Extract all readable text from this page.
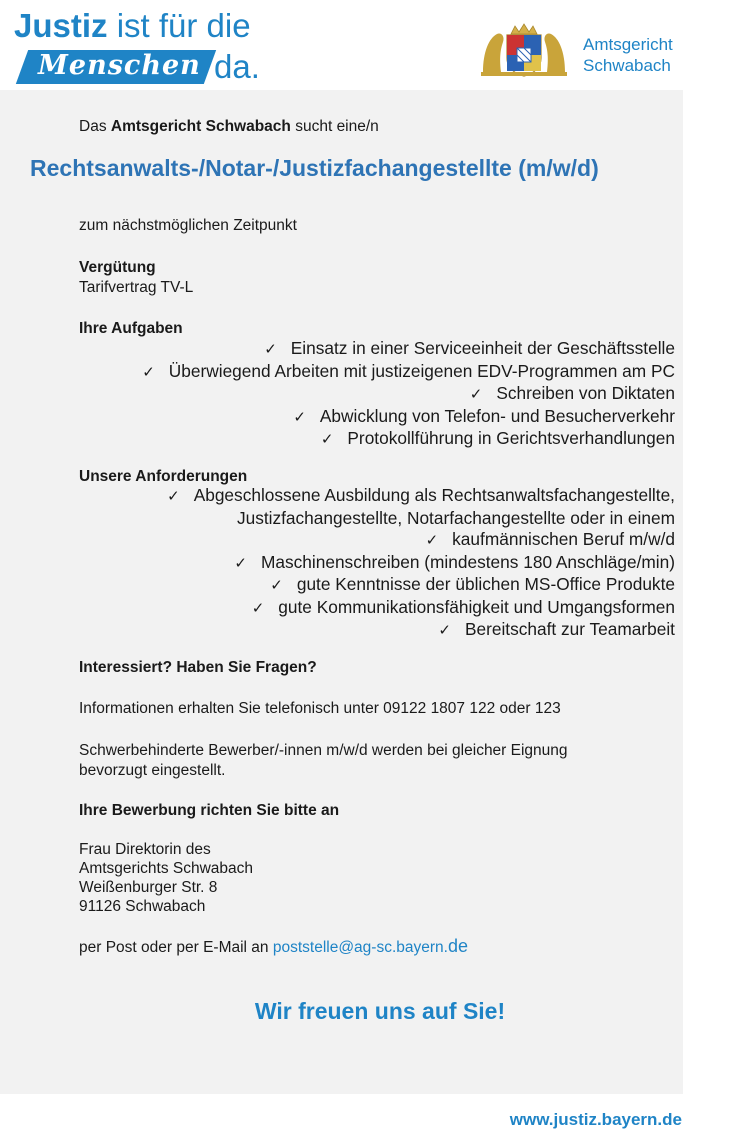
Justiz ist für die
Menschen da.
Amtsgericht
Schwabach
Das Amtsgericht Schwabach sucht eine/n
Rechtsanwalts-/Notar-/Justizfachangestellte (m/w/d)
zum nächstmöglichen Zeitpunkt
Vergütung
Tarifvertrag TV-L
Ihre Aufgaben
✓ Einsatz in einer Serviceeinheit der Geschäftsstelle
✓ Überwiegend Arbeiten mit justizeigenen EDV-Programmen am PC
✓ Schreiben von Diktaten
✓ Abwicklung von Telefon- und Besucherverkehr
✓ Protokollführung in Gerichtsverhandlungen
Unsere Anforderungen
✓ Abgeschlossene Ausbildung als Rechtsanwaltsfachangestellte,
Justizfachangestellte, Notarfachangestellte oder in einem
✓ kaufmännischen Beruf m/w/d
✓ Maschinenschreiben (mindestens 180 Anschläge/min)
✓ gute Kenntnisse der üblichen MS-Office Produkte
✓ gute Kommunikationsfähigkeit und Umgangsformen
✓ Bereitschaft zur Teamarbeit
Interessiert? Haben Sie Fragen?
Informationen erhalten Sie telefonisch unter 09122 1807 122 oder 123
Schwerbehinderte Bewerber/-innen m/w/d werden bei gleicher Eignung
bevorzugt eingestellt.
Ihre Bewerbung richten Sie bitte an
Frau Direktorin des
Amtsgerichts Schwabach
Weißenburger Str. 8
91126 Schwabach
per Post oder per E-Mail an poststelle@ag-sc.bayern.de
Wir freuen uns auf Sie!
www.justiz.bayern.de
